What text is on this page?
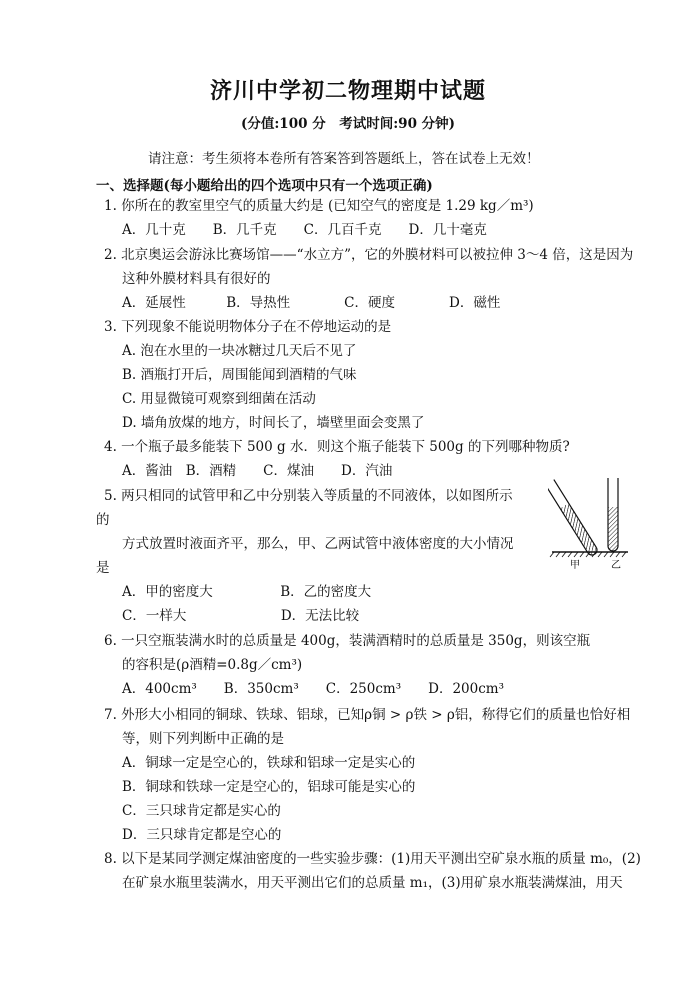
济川中学初二物理期中试题
(分值:100 分　考试时间:90 分钟)
请注意：考生须将本卷所有答案答到答题纸上，答在试卷上无效！
一、选择题(每小题给出的四个选项中只有一个选项正确)
1. 你所在的教室里空气的质量大约是 (已知空气的密度是 1.29 kg／m³)
A．几十克　　B．几千克　　C．几百千克　　D．几十毫克
2. 北京奥运会游泳比赛场馆——“水立方”，它的外膜材料可以被拉伸 3～4 倍，这是因为
这种外膜材料具有很好的
A．延展性　　　B．导热性　　　　C．硬度　　　　D．磁性
3. 下列现象不能说明物体分子在不停地运动的是
A. 泡在水里的一块冰糖过几天后不见了
B. 酒瓶打开后，周围能闻到酒精的气味
C. 用显微镜可观察到细菌在活动
D. 墙角放煤的地方，时间长了，墙壁里面会变黑了
4. 一个瓶子最多能装下 500 g 水．则这个瓶子能装下 500g 的下列哪种物质?
A．酱油　B．酒精　　C．煤油　　D．汽油
5. 两只相同的试管甲和乙中分别装入等质量的不同液体，以如图所示
的
方式放置时液面齐平，那么，甲、乙两试管中液体密度的大小情况
是
A．甲的密度大　　　　　B．乙的密度大
C．一样大　　　　　　　D．无法比较
甲	乙
6. 一只空瓶装满水时的总质量是 400g，装满酒精时的总质量是 350g，则该空瓶
的容积是(ρ酒精=0.8g／cm³)
A．400cm³　　B．350cm³　　C．250cm³　　D．200cm³
7. 外形大小相同的铜球、铁球、铝球，已知ρ铜 > ρ铁 > ρ铝，称得它们的质量也恰好相
等，则下列判断中正确的是
A．铜球一定是空心的，铁球和铝球一定是实心的
B．铜球和铁球一定是空心的，铝球可能是实心的
C．三只球肯定都是实心的
D．三只球肯定都是空心的
8. 以下是某同学测定煤油密度的一些实验步骤：(1)用天平测出空矿泉水瓶的质量 m₀，(2)
在矿泉水瓶里装满水，用天平测出它们的总质量 m₁，(3)用矿泉水瓶装满煤油，用天
